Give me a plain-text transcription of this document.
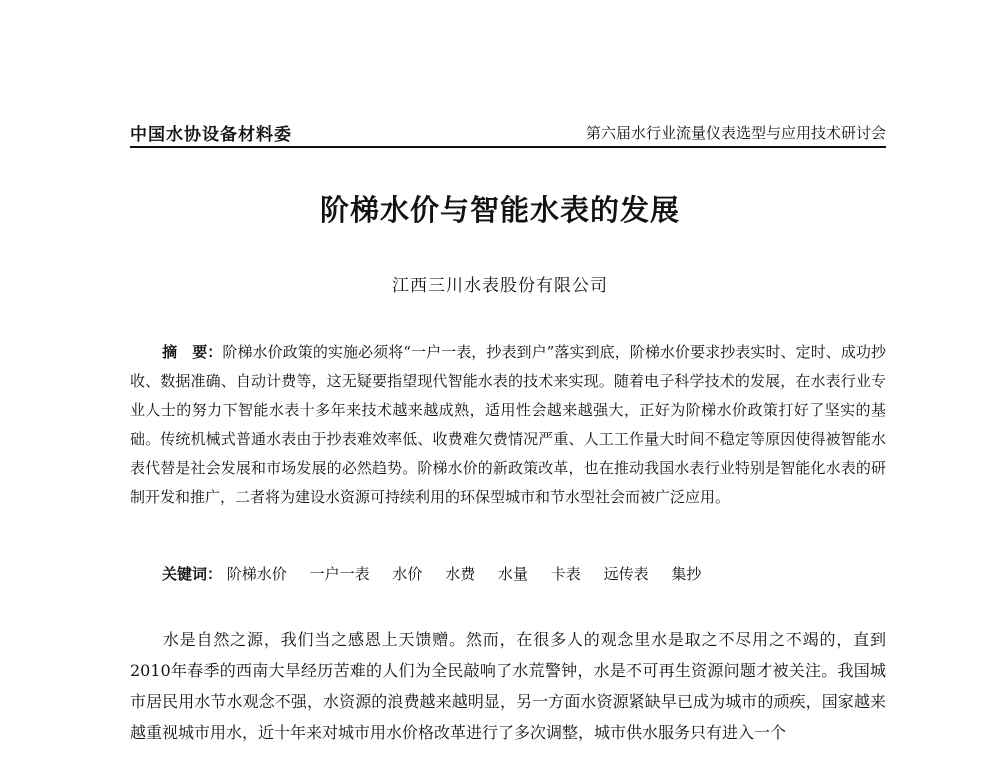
中国水协设备材料委	第六届水行业流量仪表选型与应用技术研讨会
阶梯水价与智能水表的发展
江西三川水表股份有限公司
摘　要：阶梯水价政策的实施必须将“一户一表，抄表到户”落实到底，阶梯水价要求抄表实时、定时、成功抄收、数据准确、自动计费等，这无疑要指望现代智能水表的技术来实现。随着电子科学技术的发展，在水表行业专业人士的努力下智能水表十多年来技术越来越成熟，适用性会越来越强大，正好为阶梯水价政策打好了坚实的基础。传统机械式普通水表由于抄表难效率低、收费难欠费情况严重、人工工作量大时间不稳定等原因使得被智能水表代替是社会发展和市场发展的必然趋势。阶梯水价的新政策改革，也在推动我国水表行业特别是智能化水表的研制开发和推广，二者将为建设水资源可持续利用的环保型城市和节水型社会而被广泛应用。
关键词： 阶梯水价 一户一表 水价 水费 水量 卡表 远传表 集抄
水是自然之源，我们当之感恩上天馈赠。然而，在很多人的观念里水是取之不尽用之不竭的，直到2010年春季的西南大旱经历苦难的人们为全民敲响了水荒警钟，水是不可再生资源问题才被关注。我国城市居民用水节水观念不强，水资源的浪费越来越明显，另一方面水资源紧缺早已成为城市的顽疾，国家越来越重视城市用水，近十年来对城市用水价格改革进行了多次调整，城市供水服务只有进入一个
